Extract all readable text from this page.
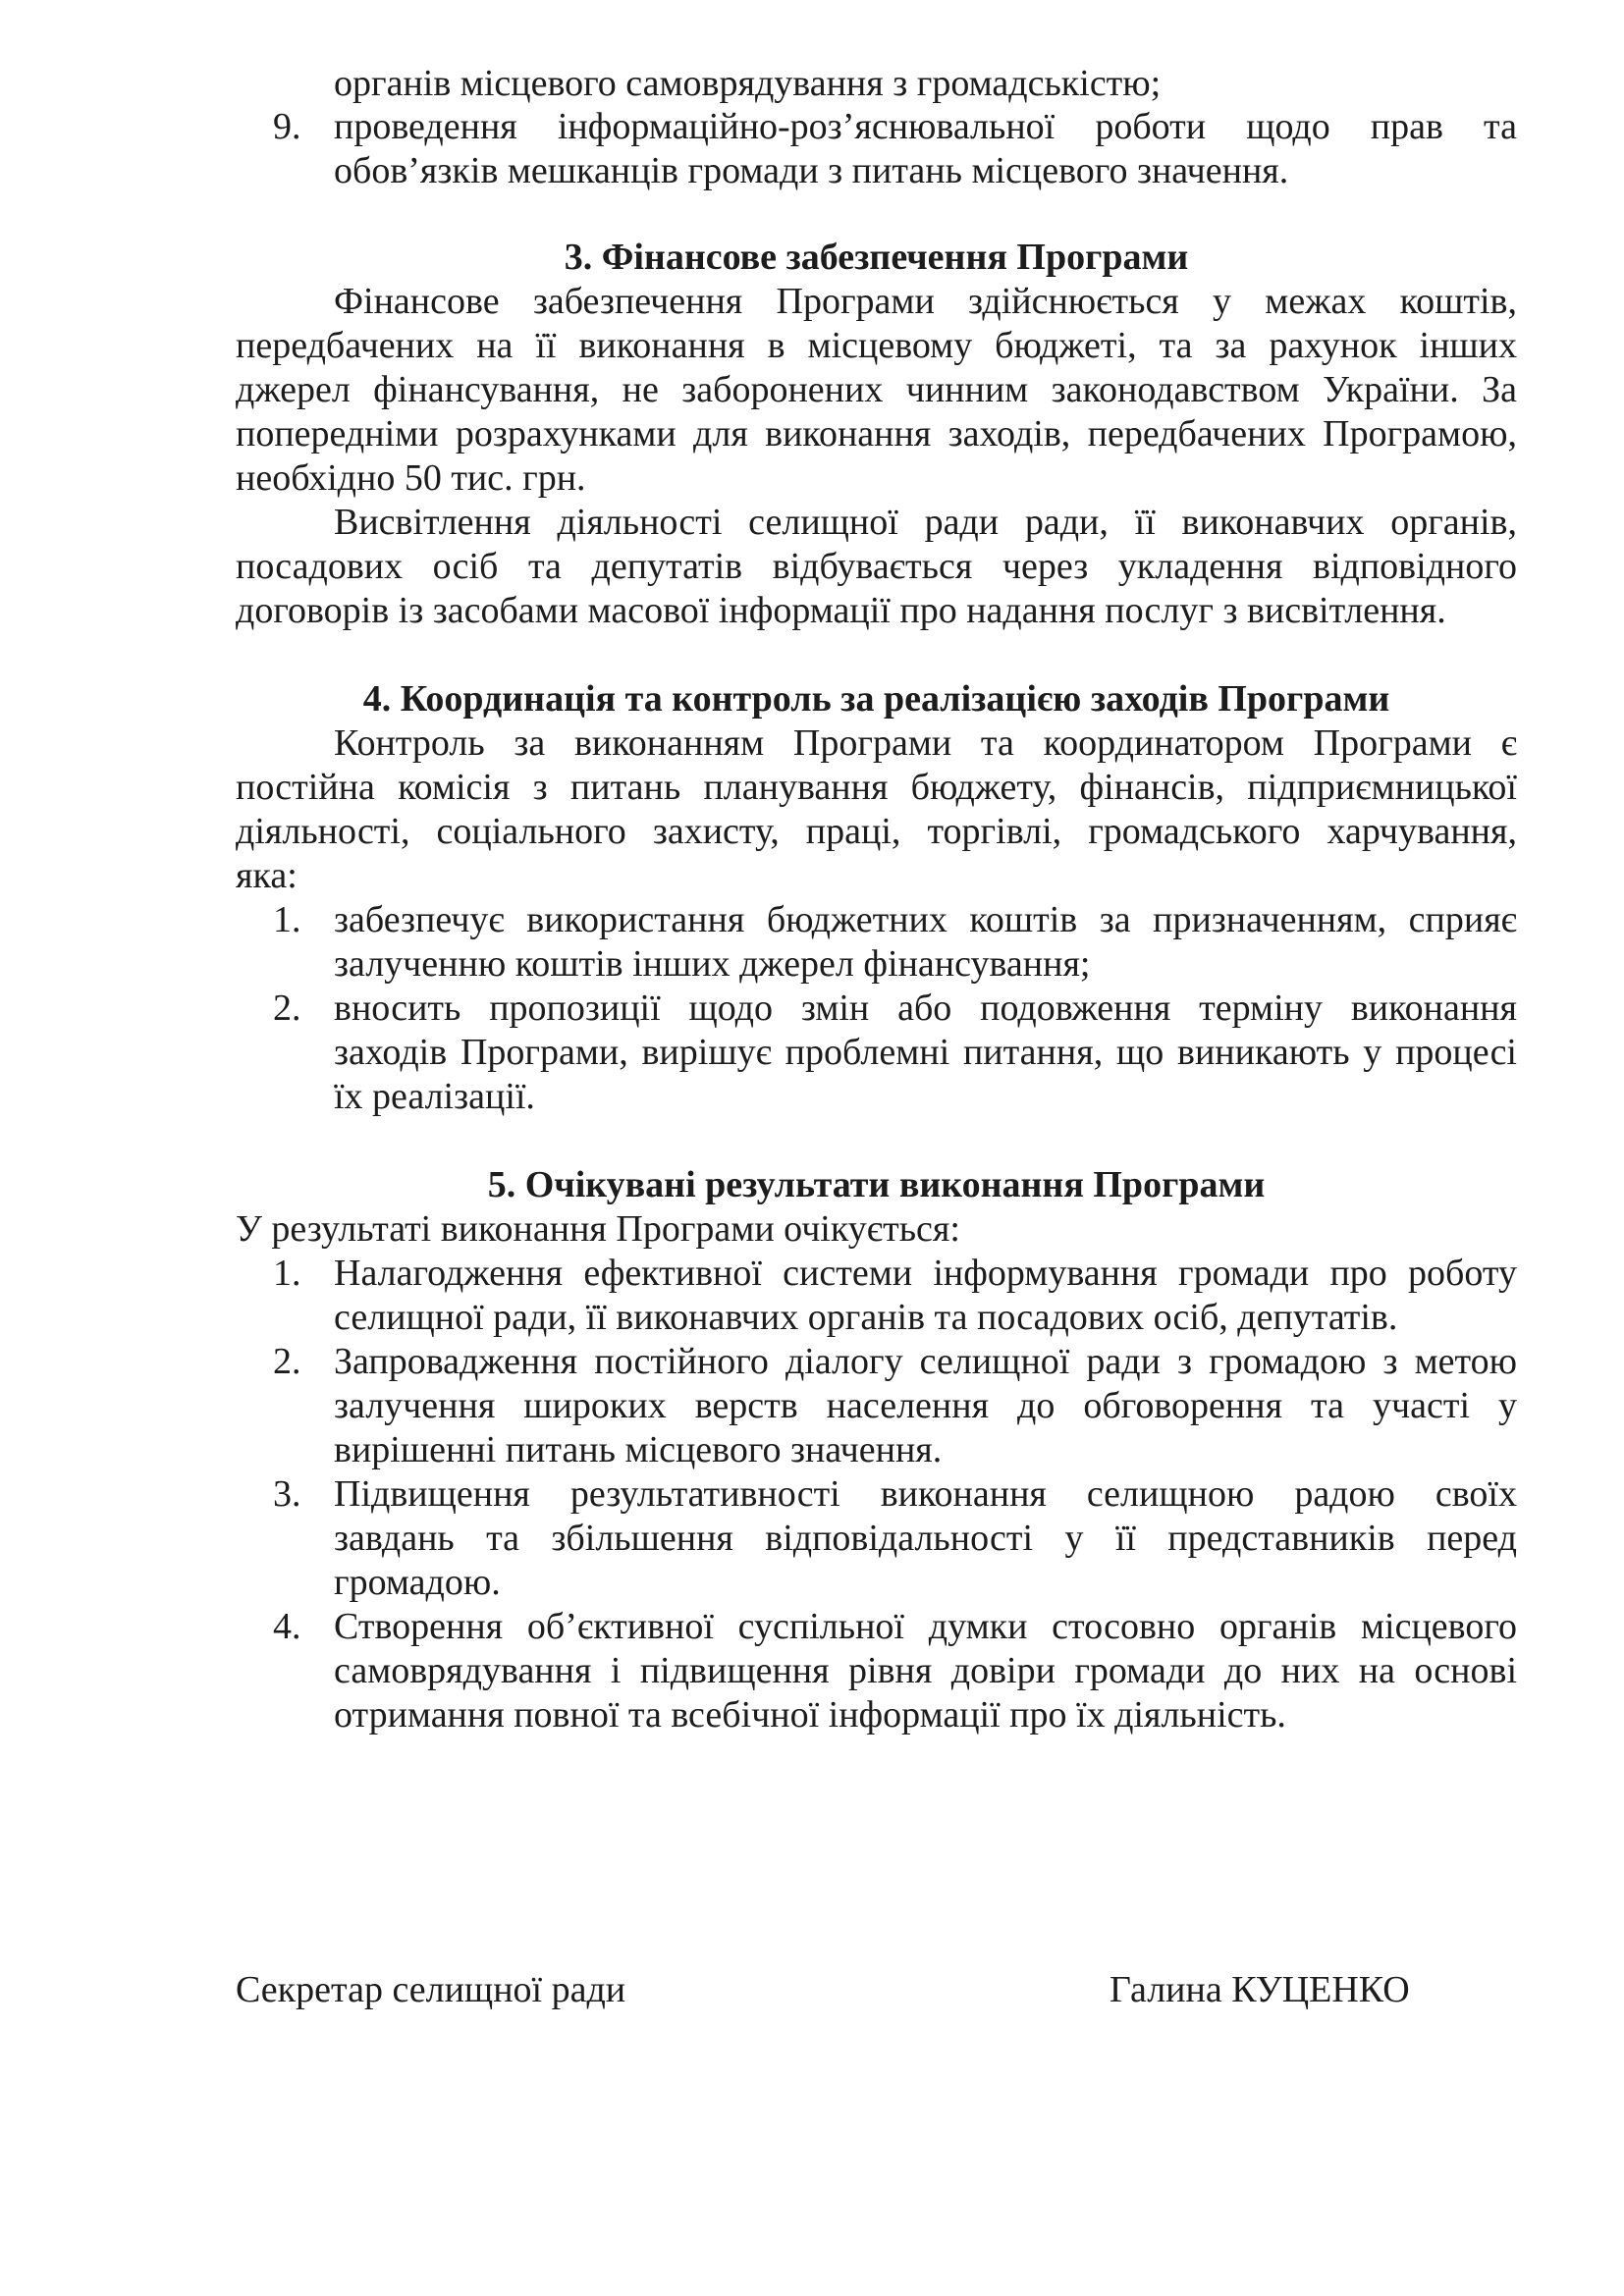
органів місцевого самоврядування з громадськістю;
9. проведення інформаційно-роз’яснювальної роботи щодо прав та
обов’язків мешканців громади з питань місцевого значення.
3. Фінансове забезпечення Програми
Фінансове забезпечення Програми здійснюється у межах коштів,
передбачених на її виконання в місцевому бюджеті, та за рахунок інших
джерел фінансування, не заборонених чинним законодавством України. За
попередніми розрахунками для виконання заходів, передбачених Програмою,
необхідно 50 тис. грн.
Висвітлення діяльності селищної ради ради, її виконавчих органів,
посадових осіб та депутатів відбувається через укладення відповідного
договорів із засобами масової інформації про надання послуг з висвітлення.
4. Координація та контроль за реалізацією заходів Програми
Контроль за виконанням Програми та координатором Програми є
постійна комісія з питань планування бюджету, фінансів, підприємницької
діяльності, соціального захисту, праці, торгівлі, громадського харчування,
яка:
1. забезпечує використання бюджетних коштів за призначенням, сприяє
залученню коштів інших джерел фінансування;
2. вносить пропозиції щодо змін або подовження терміну виконання
заходів Програми, вирішує проблемні питання, що виникають у процесі
їх реалізації.
5. Очікувані результати виконання Програми
У результаті виконання Програми очікується:
1. Налагодження ефективної системи інформування громади про роботу
селищної ради, її виконавчих органів та посадових осіб, депутатів.
2. Запровадження постійного діалогу селищної ради з громадою з метою
залучення широких верств населення до обговорення та участі у
вирішенні питань місцевого значення.
3. Підвищення результативності виконання селищною радою своїх
завдань та збільшення відповідальності у її представників перед
громадою.
4. Створення об’єктивної суспільної думки стосовно органів місцевого
самоврядування і підвищення рівня довіри громади до них на основі
отримання повної та всебічної інформації про їх діяльність.
Секретар селищної ради	Галина КУЦЕНКО
